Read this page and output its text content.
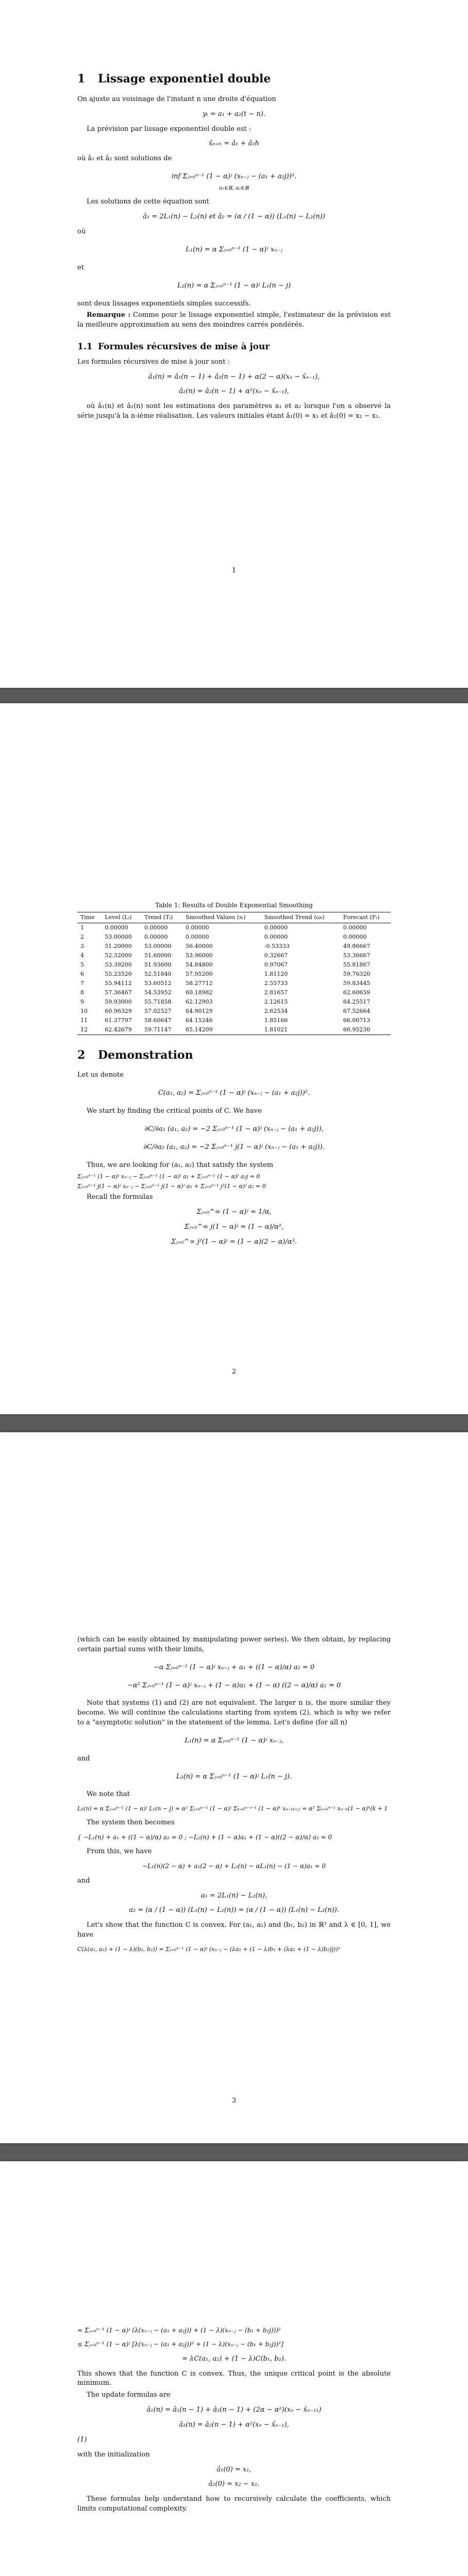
1 Lissage exponentiel double

On ajuste au voisinage de l'instant n une droite d'équation

yₜ = a₁ + a₂(t − n).

La prévision par lissage exponentiel double est :

x̂ₙ₊ₕ = â₁ + â₂h

où â₁ et â₂ sont solutions de

inf Σⱼ₌₀ⁿ⁻¹ (1 − α)ʲ (xₙ₋ⱼ − (a₁ + a₂j))².
a₁∈ℝ, a₂∈ℝ

Les solutions de cette équation sont

â₁ = 2L₁(n) − L₂(n) et â₂ = (α / (1 − α)) (L₁(n) − L₂(n))

où

L₁(n) = α Σⱼ₌₀ⁿ⁻¹ (1 − α)ʲ xₙ₋ⱼ

et

L₂(n) = α Σⱼ₌₀ⁿ⁻¹ (1 − α)ʲ L₁(n − j)

sont deux lissages exponentiels simples successifs.

Remarque : Comme pour le lissage exponentiel simple, l'estimateur de la prévision est la meilleure approximation au sens des moindres carrés pondérés.

1.1 Formules récursives de mise à jour

Les formules récursives de mise à jour sont :

â₁(n) = â₁(n − 1) + â₂(n − 1) + α(2 − α)(xₙ − x̂ₙ₋₁),
â₂(n) = â₂(n − 1) + α²(xₙ − x̂ₙ₋₁),

où â₁(n) et â₂(n) sont les estimations des paramètres a₁ et a₂ lorsque l'on a observé la série jusqu'à la n-ième réalisation. Les valeurs initiales étant â₁(0) = x₁ et â₂(0) = x₂ − x₁.

1
Table 1: Results of Double Exponential Smoothing
Time	Level (Lₜ)	Trend (Tₜ)	Smoothed Values (sₜ)	Smoothed Trend (ωₜ)	Forecast (Fₜ)
1	0.00000	0.00000	0.00000	0.00000	0.00000
2	53.00000	0.00000	0.00000	0.00000	0.00000
3	51.20000	53.00000	56.40000	-0.53333	49.86667
4	52.32000	51.60000	53.96000	0.32667	53.36667
5	53.39200	51.93600	54.84800	0.97067	55.81867
6	55.23520	52.51840	57.95200	1.81120	59.76320
7	55.94112	53.60512	58.27712	2.55733	59.83445
8	57.36467	54.53952	60.18982	2.81657	62.60659
9	59.93000	55.71858	62.12903	2.12615	64.25517
10	60.96329	57.02527	64.90129	2.62534	67.52664
11	61.37797	58.60647	64.15246	1.85166	66.00713
12	62.42679	59.71147	65.14209	1.81021	66.95230
2 Demonstration

Let us denote

C(a₁, a₂) = Σⱼ₌₀ⁿ⁻¹ (1 − α)ʲ (xₙ₋ⱼ − (a₁ + a₂j))².

We start by finding the critical points of C. We have

∂C/∂a₁ (a₁, a₂) = −2 Σⱼ₌₀ⁿ⁻¹ (1 − α)ʲ (xₙ₋ⱼ − (a₁ + a₂j)),
∂C/∂a₂ (a₁, a₂) = −2 Σⱼ₌₀ⁿ⁻¹ j(1 − α)ʲ (xₙ₋ⱼ − (a₁ + a₂j)).

Thus, we are looking for (a₁, a₂) that satisfy the system

Σⱼ₌₀ⁿ⁻¹ (1 − α)ʲ xₙ₋ⱼ − Σⱼ₌₀ⁿ⁻¹ (1 − α)ʲ a₁ + Σⱼ₌₀ⁿ⁻¹ (1 − α)ʲ a₂j = 0

Σⱼ₌₀ⁿ⁻¹ j(1 − α)ʲ xₙ₋ⱼ − Σⱼ₌₀ⁿ⁻¹ j(1 − α)ʲ a₁ + Σⱼ₌₀ⁿ⁻¹ j²(1 − α)ʲ a₂ = 0

Recall the formulas

Σⱼ₌₀^∞ (1 − α)ʲ = 1/α,
Σⱼ₌₀^∞ j(1 − α)ʲ = (1 − α)/α²,
Σⱼ₌₀^∞ j²(1 − α)ʲ = (1 − α)(2 − α)/α³.
2

(which can be easily obtained by manipulating power series). We then obtain, by replacing certain partial sums with their limits,

−α Σⱼ₌₀ⁿ⁻¹ (1 − α)ʲ xₙ₋ⱼ + a₁ + ((1 − α)/α) a₂ = 0
−α² Σⱼ₌₀ⁿ⁻¹ (1 − α)ʲ xₙ₋ⱼ + (1 − α)a₁ + (1 − α) ((2 − α)/α) a₂ = 0

Note that systems (1) and (2) are not equivalent. The larger n is, the more similar they become. We will continue the calculations starting from system (2), which is why we refer to a "asymptotic solution" in the statement of the lemma. Let's define (for all n)

L₁(n) = α Σⱼ₌₀ⁿ⁻¹ (1 − α)ʲ xₙ₋ⱼ,

and

L₂(n) = α Σⱼ₌₀ⁿ⁻¹ (1 − α)ʲ L₁(n − j).

We note that

L₂(n) = α Σⱼ₌₀ⁿ⁻¹ (1 − α)ʲ L₁(n − j) = α² Σⱼ₌₀ⁿ⁻¹ (1 − α)ʲ Σₖ₌₀ⁿ⁻ʲ⁻¹ (1 − α)ᵏ xₙ₋₍ₖ₊ⱼ₎ = α² Σₖ₌₀ⁿ⁻¹ xₙ₋ₖ(1 − α)ᵏ(k + 1

The system then becomes

{ −L₁(n) + a₁ + ((1 − α)/α) a₂ = 0 ; −L₂(n) + (1 − α)a₁ + (1 − α)((2 − α)/α) a₂ = 0

From this, we have

−L₁(n)(2 − α) + a₁(2 − α) + L₂(n) − αL₁(n) − (1 − α)a₁ = 0

and

a₁ = 2L₁(n) − L₂(n),
a₂ = (α / (1 − α)) (L₁(n) − L₂(n)) = (α / (1 − α)) (L₁(n) − L₂(n)).

Let's show that the function C is convex. For (a₁, a₂) and (b₁, b₂) in ℝ² and λ ∈ [0, 1], we have

C(λ(a₁, a₂) + (1 − λ)(b₁, b₂)) = Σⱼ₌₀ⁿ⁻¹ (1 − α)ʲ (xₙ₋ⱼ − (λa₁ + (1 − λ)b₁ + (λa₂ + (1 − λ)b₂)j))²
3
= Σⱼ₌₀ⁿ⁻¹ (1 − α)ʲ (λ(xₙ₋ⱼ − (a₁ + a₂j)) + (1 − λ)(xₙ₋ⱼ − (b₁ + b₂j)))²
≤ Σⱼ₌₀ⁿ⁻¹ (1 − α)ʲ [λ(xₙ₋ⱼ − (a₁ + a₂j))² + (1 − λ)(xₙ₋ⱼ − (b₁ + b₂j))²]
= λC(a₁, a₂) + (1 − λ)C(b₁, b₂).

This shows that the function C is convex. Thus, the unique critical point is the absolute minimum.

The update formulas are

â₁(n) = â₁(n − 1) + â₂(n − 1) + (2α − α²)(xₙ − x̂ₙ₋₁₁)
â₂(n) = â₂(n − 1) + α²(xₙ − x̂ₙ₋₁),
(1)

with the initialization

â₁(0) = x₁,
â₂(0) = x₂ − x₁.

These formulas help understand how to recursively calculate the coefficients, which limits computational complexity.
